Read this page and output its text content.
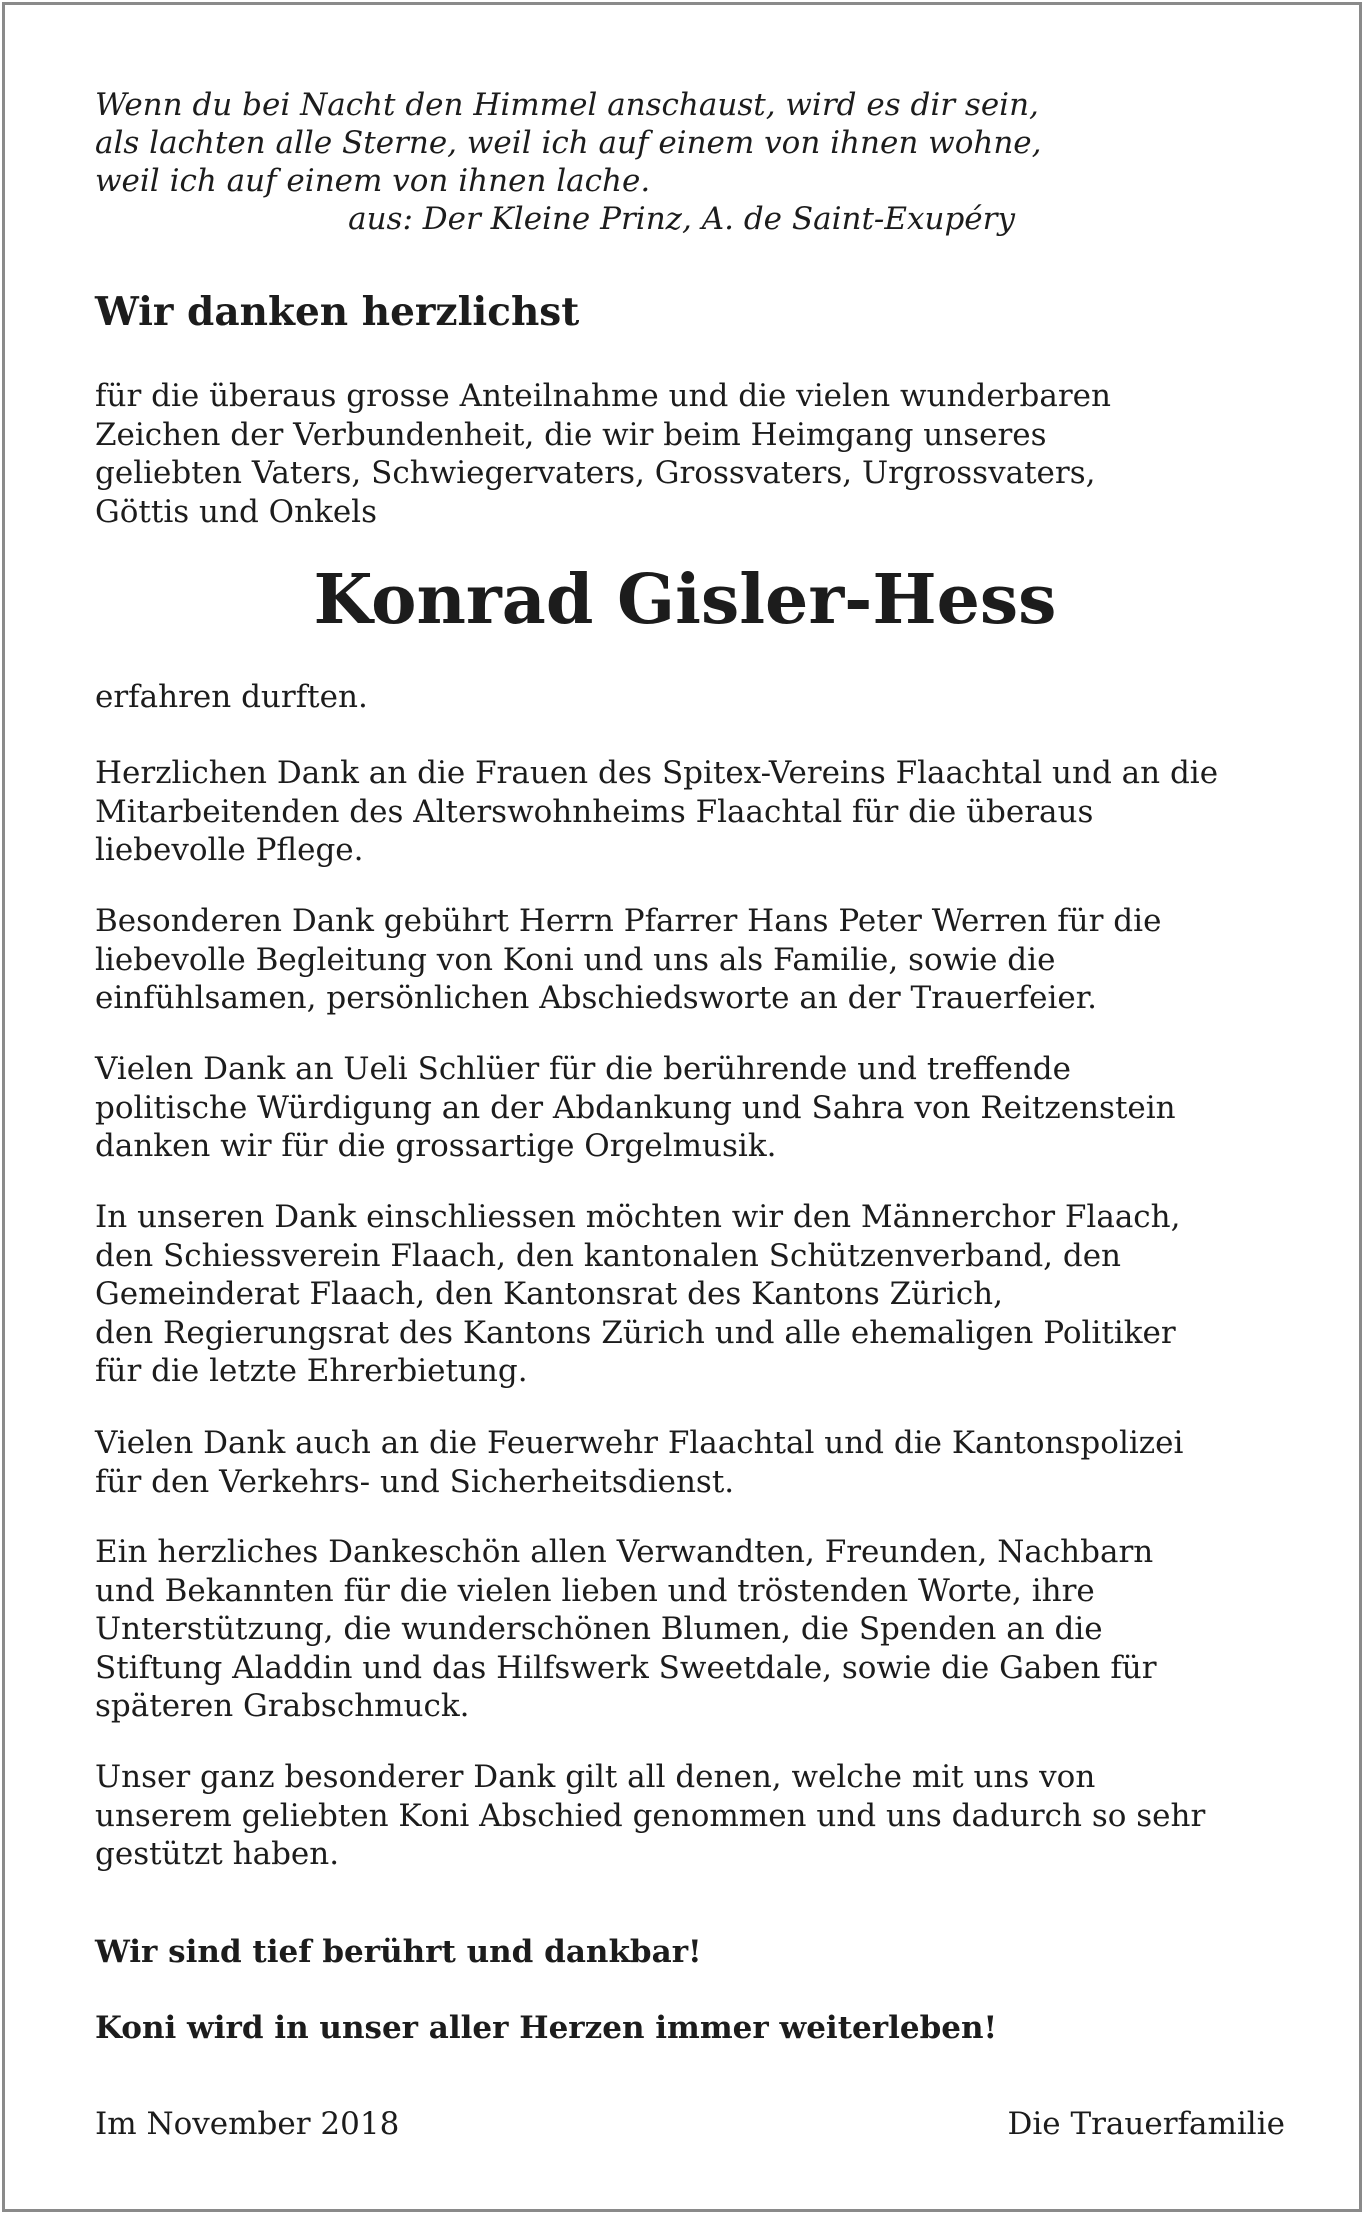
Wenn du bei Nacht den Himmel anschaust, wird es dir sein,
als lachten alle Sterne, weil ich auf einem von ihnen wohne,
weil ich auf einem von ihnen lache.
aus: Der Kleine Prinz, A. de Saint-Exupéry

Wir danken herzlichst

für die überaus grosse Anteilnahme und die vielen wunderbaren
Zeichen der Verbundenheit, die wir beim Heimgang unseres
geliebten Vaters, Schwiegervaters, Grossvaters, Urgrossvaters,
Göttis und Onkels

Konrad Gisler-Hess

erfahren durften.

Herzlichen Dank an die Frauen des Spitex-Vereins Flaachtal und an die
Mitarbeitenden des Alterswohnheims Flaachtal für die überaus
liebevolle Pflege.

Besonderen Dank gebührt Herrn Pfarrer Hans Peter Werren für die
liebevolle Begleitung von Koni und uns als Familie, sowie die
einfühlsamen, persönlichen Abschiedsworte an der Trauerfeier.

Vielen Dank an Ueli Schlüer für die berührende und treffende
politische Würdigung an der Abdankung und Sahra von Reitzenstein
danken wir für die grossartige Orgelmusik.

In unseren Dank einschliessen möchten wir den Männerchor Flaach,
den Schiessverein Flaach, den kantonalen Schützenverband, den
Gemeinderat Flaach, den Kantonsrat des Kantons Zürich,
den Regierungsrat des Kantons Zürich und alle ehemaligen Politiker
für die letzte Ehrerbietung.

Vielen Dank auch an die Feuerwehr Flaachtal und die Kantonspolizei
für den Verkehrs- und Sicherheitsdienst.

Ein herzliches Dankeschön allen Verwandten, Freunden, Nachbarn
und Bekannten für die vielen lieben und tröstenden Worte, ihre
Unterstützung, die wunderschönen Blumen, die Spenden an die
Stiftung Aladdin und das Hilfswerk Sweetdale, sowie die Gaben für
späteren Grabschmuck.

Unser ganz besonderer Dank gilt all denen, welche mit uns von
unserem geliebten Koni Abschied genommen und uns dadurch so sehr
gestützt haben.

Wir sind tief berührt und dankbar!

Koni wird in unser aller Herzen immer weiterleben!

Im November 2018	Die Trauerfamilie
